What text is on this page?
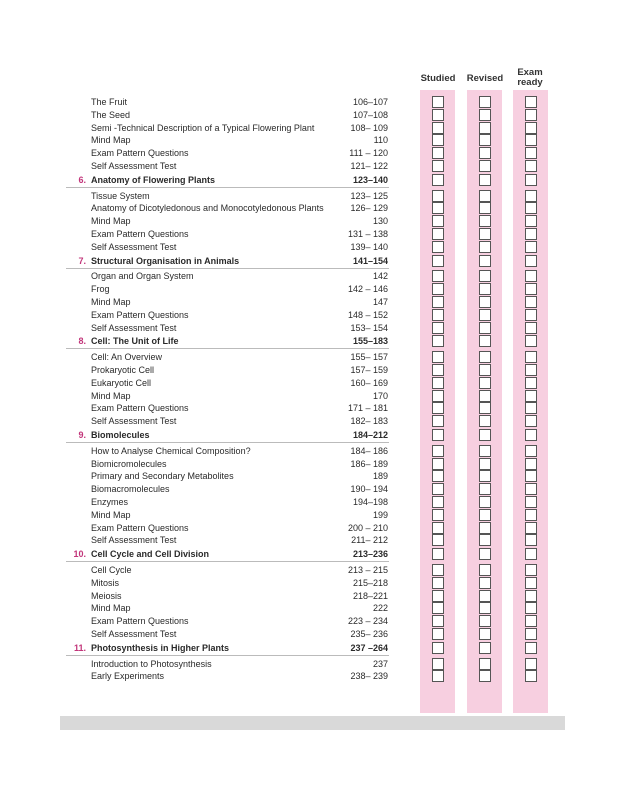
Studied	Revised
Exam ready
The Fruit	106–107
The Seed	107–108
Semi -Technical Description of a Typical Flowering Plant	108– 109
Mind Map	110
Exam Pattern Questions	111 – 120
Self Assessment Test	121– 122
6. Anatomy of Flowering Plants	123–140
Tissue System	123– 125
Anatomy of Dicotyledonous and Monocotyledonous Plants	126– 129
Mind Map	130
Exam Pattern Questions	131 – 138
Self Assessment Test	139– 140
7. Structural Organisation in Animals	141–154
Organ and Organ System	142
Frog	142 – 146
Mind Map	147
Exam Pattern Questions	148 – 152
Self Assessment Test	153– 154
8. Cell: The Unit of Life	155–183
Cell: An Overview	155– 157
Prokaryotic Cell	157– 159
Eukaryotic Cell	160– 169
Mind Map	170
Exam Pattern Questions	171 – 181
Self Assessment Test	182– 183
9. Biomolecules	184–212
How to Analyse Chemical Composition?	184– 186
Biomicromolecules	186– 189
Primary and Secondary Metabolites	189
Biomacromolecules	190– 194
Enzymes	194–198
Mind Map	199
Exam Pattern Questions	200 – 210
Self Assessment Test	211– 212
10. Cell Cycle and Cell Division	213–236
Cell Cycle	213 – 215
Mitosis	215–218
Meiosis	218–221
Mind Map	222
Exam Pattern Questions	223 – 234
Self Assessment Test	235– 236
11. Photosynthesis in Higher Plants	237 –264
Introduction to Photosynthesis	237
Early Experiments	238– 239
